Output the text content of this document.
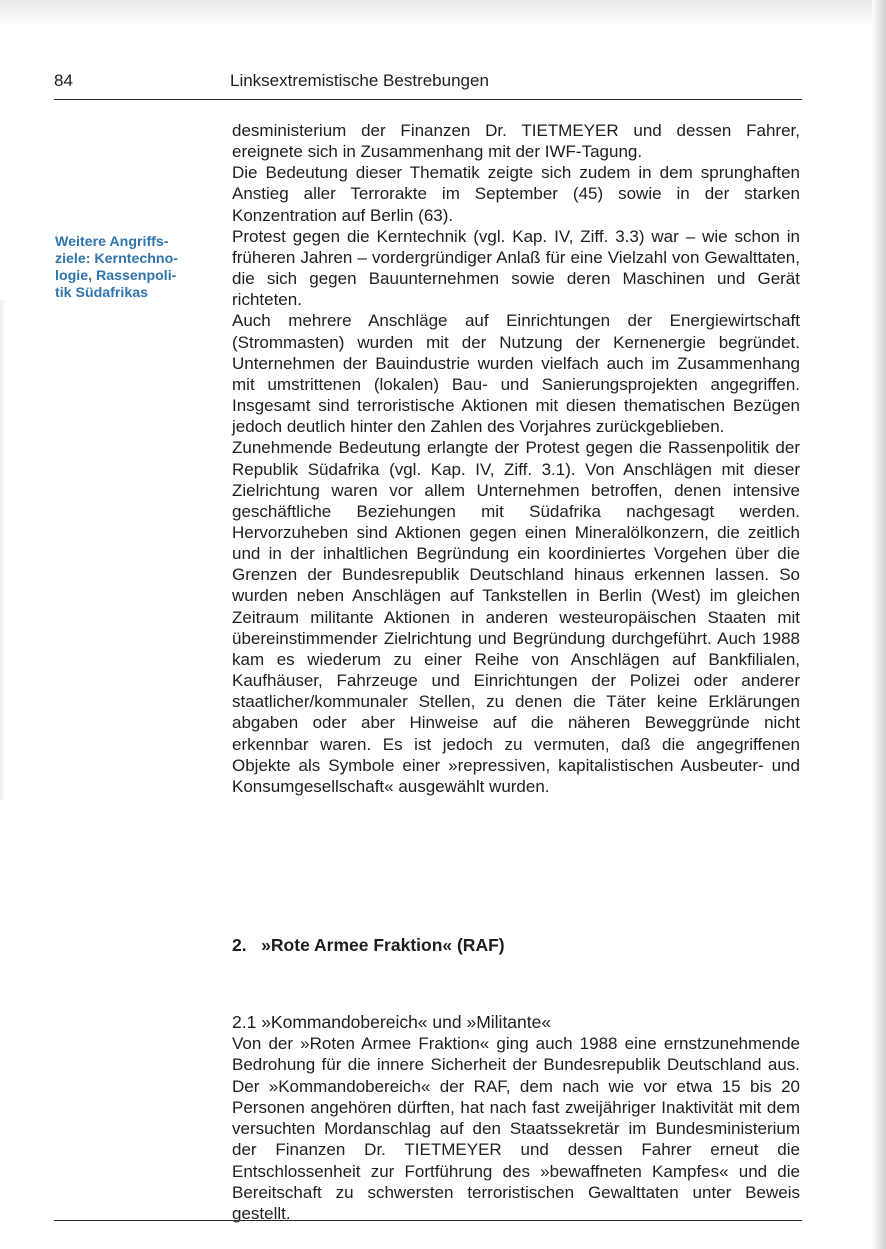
84	Linksextremistische Bestrebungen
Weitere Angriffs-
ziele: Kerntechno-
logie, Rassenpoli-
tik Südafrikas

desministerium der Finanzen Dr. TIETMEYER und dessen Fahrer, ereignete sich in Zusammenhang mit der IWF-Tagung.

Die Bedeutung dieser Thematik zeigte sich zudem in dem sprunghaften Anstieg aller Terrorakte im September (45) sowie in der starken Konzentration auf Berlin (63).

Protest gegen die Kerntechnik (vgl. Kap. IV, Ziff. 3.3) war – wie schon in früheren Jahren – vordergründiger Anlaß für eine Vielzahl von Gewalttaten, die sich gegen Bauunternehmen sowie deren Maschinen und Gerät richteten.

Auch mehrere Anschläge auf Einrichtungen der Energiewirtschaft (Strommasten) wurden mit der Nutzung der Kernenergie begründet. Unternehmen der Bauindustrie wurden vielfach auch im Zusammenhang mit umstrittenen (lokalen) Bau- und Sanierungsprojekten angegriffen. Insgesamt sind terroristische Aktionen mit diesen thematischen Bezügen jedoch deutlich hinter den Zahlen des Vorjahres zurückgeblieben.

Zunehmende Bedeutung erlangte der Protest gegen die Rassenpolitik der Republik Südafrika (vgl. Kap. IV, Ziff. 3.1). Von Anschlägen mit dieser Zielrichtung waren vor allem Unternehmen betroffen, denen intensive geschäftliche Beziehungen mit Südafrika nachgesagt werden. Hervorzuheben sind Aktionen gegen einen Mineralölkonzern, die zeitlich und in der inhaltlichen Begründung ein koordiniertes Vorgehen über die Grenzen der Bundesrepublik Deutschland hinaus erkennen lassen. So wurden neben Anschlägen auf Tankstellen in Berlin (West) im gleichen Zeitraum militante Aktionen in anderen westeuropäischen Staaten mit übereinstimmender Zielrichtung und Begründung durchgeführt. Auch 1988 kam es wiederum zu einer Reihe von Anschlägen auf Bankfilialen, Kaufhäuser, Fahrzeuge und Einrichtungen der Polizei oder anderer staatlicher/kommunaler Stellen, zu denen die Täter keine Erklärungen abgaben oder aber Hinweise auf die näheren Beweggründe nicht erkennbar waren. Es ist jedoch zu vermuten, daß die angegriffenen Objekte als Symbole einer »repressiven, kapitalistischen Ausbeuter- und Konsumgesellschaft« ausgewählt wurden.

2.   »Rote Armee Fraktion« (RAF)

2.1 »Kommandobereich« und »Militante«

Von der »Roten Armee Fraktion« ging auch 1988 eine ernstzunehmende Bedrohung für die innere Sicherheit der Bundesrepublik Deutschland aus. Der »Kommandobereich« der RAF, dem nach wie vor etwa 15 bis 20 Personen angehören dürften, hat nach fast zweijähriger Inaktivität mit dem versuchten Mordanschlag auf den Staatssekretär im Bundesministerium der Finanzen Dr. TIETMEYER und dessen Fahrer erneut die Entschlossenheit zur Fortführung des »bewaffneten Kampfes« und die Bereitschaft zu schwersten terroristischen Gewalttaten unter Beweis gestellt.
